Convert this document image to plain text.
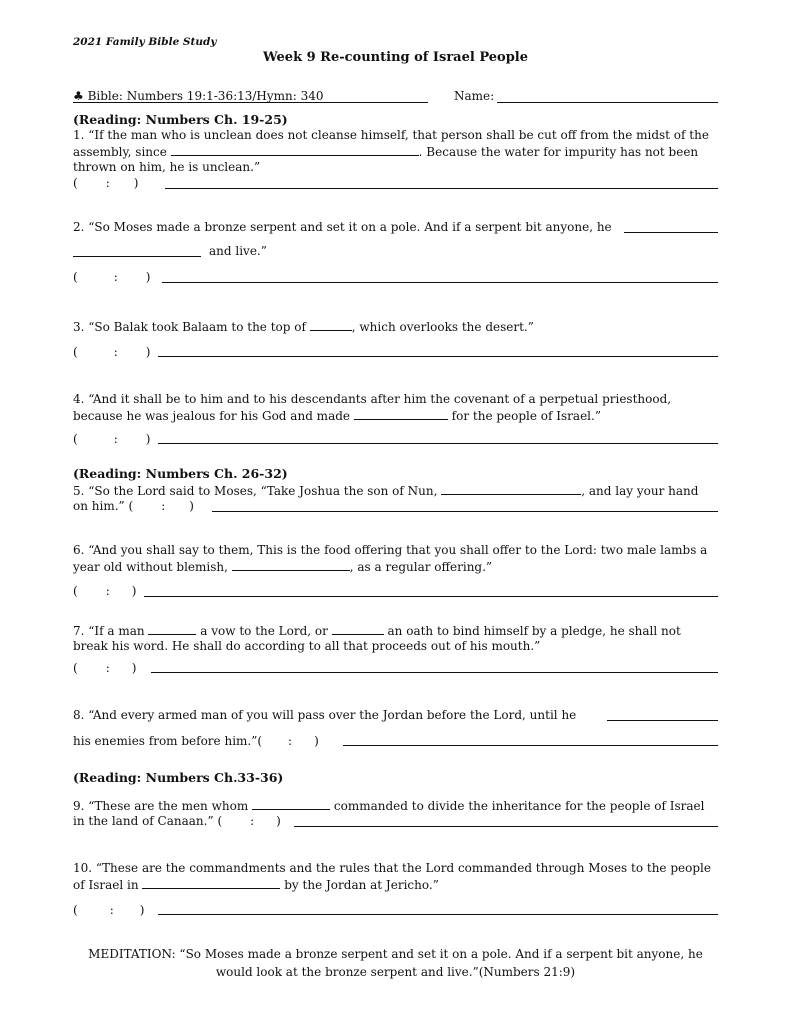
2021 Family Bible Study
Week 9 Re-counting of Israel People
♣ Bible: Numbers 19:1-36:13/Hymn: 340	Name:
(Reading: Numbers Ch. 19-25)
1. “If the man who is unclean does not cleanse himself, that person shall be cut off from the midst of the
assembly, since	. Because the water for impurity has not been
thrown on him, he is unclean.”
( : )
2. “So Moses made a bronze serpent and set it on a pole. And if a serpent bit anyone, he
and live.”
(	: )
3. “So Balak took Balaam to the top of	, which overlooks the desert.”
(	: )
4. “And it shall be to him and to his descendants after him the covenant of a perpetual priesthood,
because he was jealous for his God and made	for the people of Israel.”
(	: )
(Reading: Numbers Ch. 26-32)
5. “So the Lord said to Moses, “Take Joshua the son of Nun,	, and lay your hand
on him.” ( : )
6. “And you shall say to them, This is the food offering that you shall offer to the Lord: two male lambs a
year old without blemish,	, as a regular offering.”
( : )
7. “If a man	a vow to the Lord, or	an oath to bind himself by a pledge, he shall not
break his word. He shall do according to all that proceeds out of his mouth.”
( : )
8. “And every armed man of you will pass over the Jordan before the Lord, until he
his enemies from before him.”( : )
(Reading: Numbers Ch.33-36)
9. “These are the men whom	commanded to divide the inheritance for the people of Israel
in the land of Canaan.” ( : )
10. “These are the commandments and the rules that the Lord commanded through Moses to the people
of Israel in	by the Jordan at Jericho.”
(	: )
MEDITATION: “So Moses made a bronze serpent and set it on a pole. And if a serpent bit anyone, he
would look at the bronze serpent and live.”(Numbers 21:9)
